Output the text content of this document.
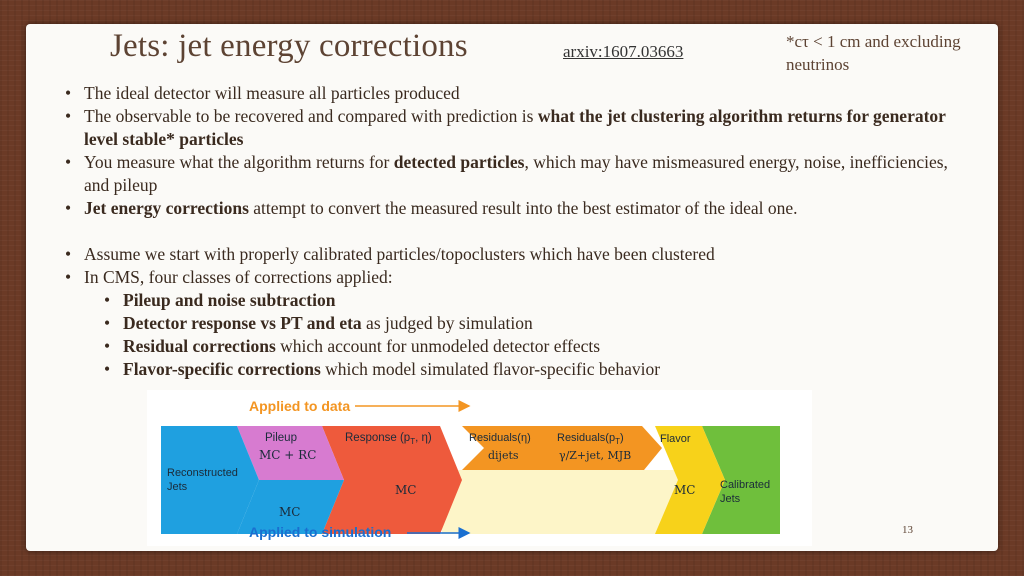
Jets: jet energy corrections	arxiv:1607.03663
*cτ < 1 cm and excluding neutrinos
• The ideal detector will measure all particles produced
• The observable to be recovered and compared with prediction is what the jet clustering algorithm returns for generator level stable* particles
• You measure what the algorithm returns for detected particles, which may have mismeasured energy, noise, inefficiencies, and pileup
• Jet energy corrections attempt to convert the measured result into the best estimator of the ideal one.
• Assume we start with properly calibrated particles/topoclusters which have been clustered
• In CMS, four classes of corrections applied:
• Pileup and noise subtraction
• Detector response vs PT and eta as judged by simulation
• Residual corrections which account for unmodeled detector effects
• Flavor-specific corrections which model simulated flavor-specific behavior
Applied to data
Reconstructed Jets
Pileup
MC + RC
MC
Response ($p_T$, η)
MC
Residuals(η)
dijets
$Residuals(p_T)$
γ/Z+jet, MJB
Flavor
MC Calibrated Jets
Applied to simulation	13
